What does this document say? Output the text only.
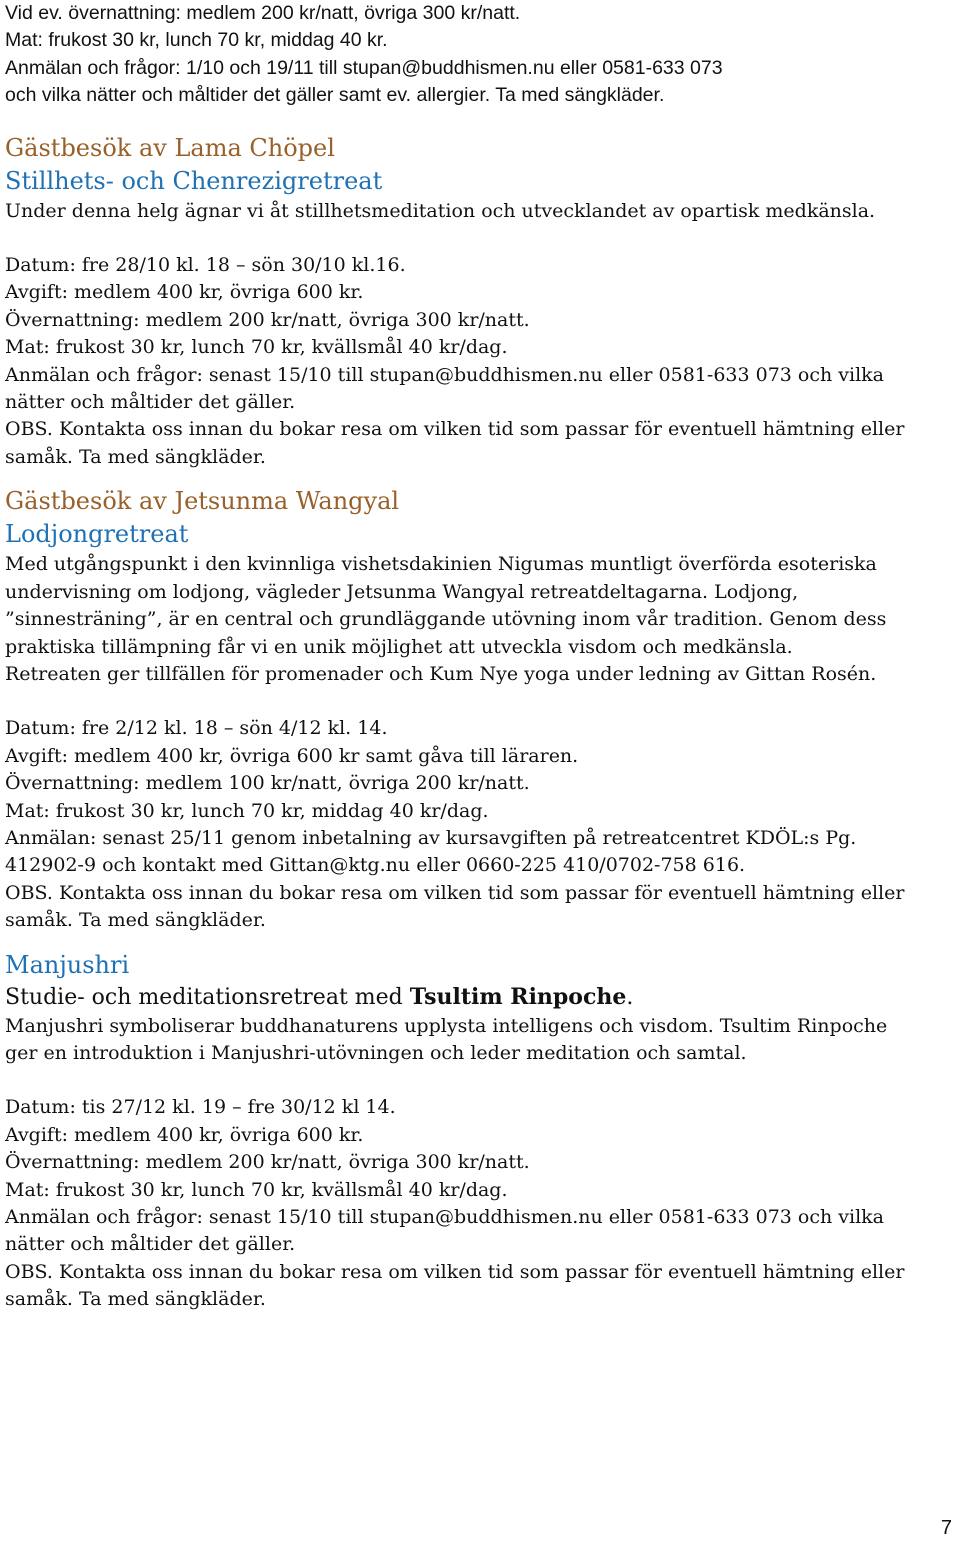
Vid ev. övernattning: medlem 200 kr/natt, övriga 300 kr/natt.
Mat: frukost 30 kr, lunch 70 kr, middag 40 kr.
Anmälan och frågor: 1/10 och 19/11 till stupan@buddhismen.nu eller 0581-633 073
och vilka nätter och måltider det gäller samt ev. allergier. Ta med sängkläder.
Gästbesök av Lama Chöpel
Stillhets- och Chenrezigretreat
Under denna helg ägnar vi åt stillhetsmeditation och utvecklandet av opartisk medkänsla.
Datum: fre 28/10 kl. 18 – sön 30/10 kl.16.
Avgift: medlem 400 kr, övriga 600 kr.
Övernattning: medlem 200 kr/natt, övriga 300 kr/natt.
Mat: frukost 30 kr, lunch 70 kr, kvällsmål 40 kr/dag.
Anmälan och frågor: senast 15/10 till stupan@buddhismen.nu eller 0581-633 073 och vilka
nätter och måltider det gäller.
OBS. Kontakta oss innan du bokar resa om vilken tid som passar för eventuell hämtning eller
samåk. Ta med sängkläder.
Gästbesök av Jetsunma Wangyal
Lodjongretreat
Med utgångspunkt i den kvinnliga vishetsdakinien Nigumas muntligt överförda esoteriska
undervisning om lodjong, vägleder Jetsunma Wangyal retreatdeltagarna. Lodjong,
”sinnesträning”, är en central och grundläggande utövning inom vår tradition. Genom dess
praktiska tillämpning får vi en unik möjlighet att utveckla visdom och medkänsla.
Retreaten ger tillfällen för promenader och Kum Nye yoga under ledning av Gittan Rosén.
Datum: fre 2/12 kl. 18 – sön 4/12 kl. 14.
Avgift: medlem 400 kr, övriga 600 kr samt gåva till läraren.
Övernattning: medlem 100 kr/natt, övriga 200 kr/natt.
Mat: frukost 30 kr, lunch 70 kr, middag 40 kr/dag.
Anmälan: senast 25/11 genom inbetalning av kursavgiften på retreatcentret KDÖL:s Pg.
412902-9 och kontakt med Gittan@ktg.nu eller 0660-225 410/0702-758 616.
OBS. Kontakta oss innan du bokar resa om vilken tid som passar för eventuell hämtning eller
samåk. Ta med sängkläder.
Manjushri
Studie- och meditationsretreat med Tsultim Rinpoche.
Manjushri symboliserar buddhanaturens upplysta intelligens och visdom. Tsultim Rinpoche
ger en introduktion i Manjushri-utövningen och leder meditation och samtal.
Datum: tis 27/12 kl. 19 – fre 30/12 kl 14.
Avgift: medlem 400 kr, övriga 600 kr.
Övernattning: medlem 200 kr/natt, övriga 300 kr/natt.
Mat: frukost 30 kr, lunch 70 kr, kvällsmål 40 kr/dag.
Anmälan och frågor: senast 15/10 till stupan@buddhismen.nu eller 0581-633 073 och vilka
nätter och måltider det gäller.
OBS. Kontakta oss innan du bokar resa om vilken tid som passar för eventuell hämtning eller
samåk. Ta med sängkläder.
7
